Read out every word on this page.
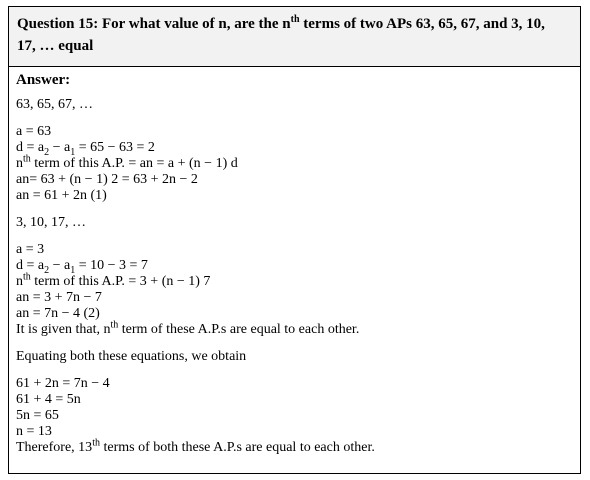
Question 15: For what value of n, are the $n^{th}$ terms of two APs 63, 65, 67, and 3, 10,
17, … equal
Answer:
63, 65, 67, …
a = 63
$d = a_2 - a_1 = 65 - 63 = 2$
$n^{th}$ term of this A.P. = an = a + (n − 1) d
an= 63 + (n − 1) 2 = 63 + 2n − 2
an = 61 + 2n (1)
3, 10, 17, …
a = 3
$d = a_2 - a_1 = 10 - 3 = 7$
$n^{th}$ term of this A.P. = 3 + (n − 1) 7
an = 3 + 7n − 7
an = 7n − 4 (2)
It is given that, $n^{th}$ term of these A.P.s are equal to each other.
Equating both these equations, we obtain
61 + 2n = 7n − 4
61 + 4 = 5n
5n = 65
n = 13
Therefore, 13th terms of both these A.P.s are equal to each other.
